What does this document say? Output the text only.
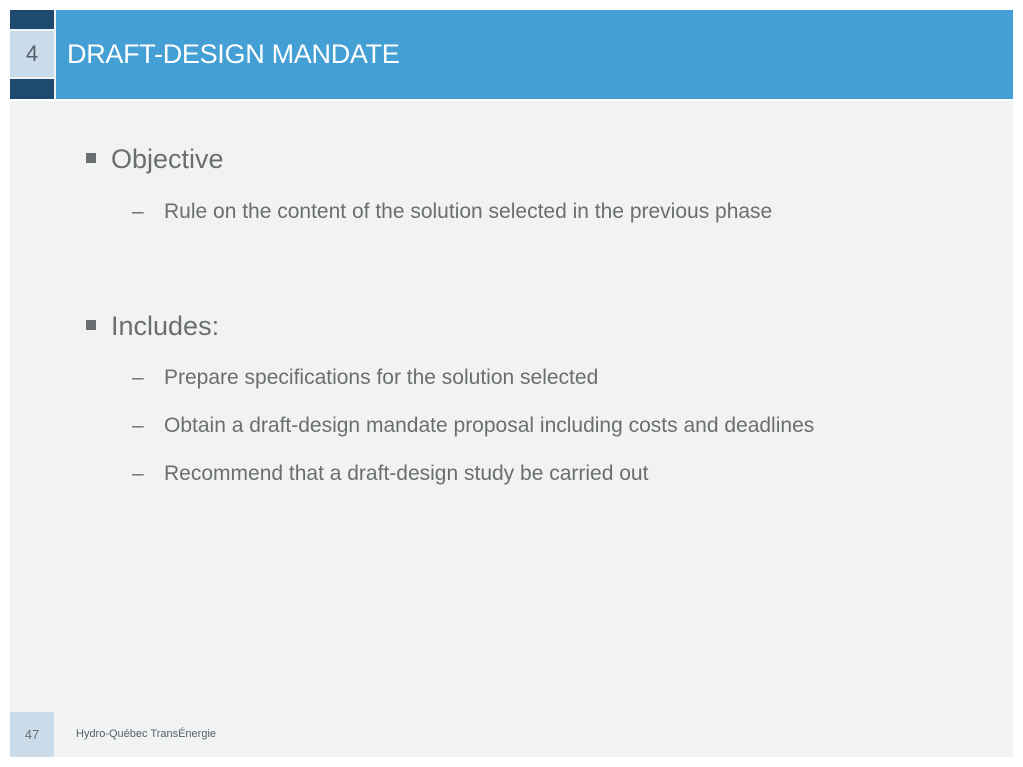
4	DRAFT-DESIGN MANDATE
Objective
– Rule on the content of the solution selected in the previous phase
Includes:
– Prepare specifications for the solution selected
– Obtain a draft-design mandate proposal including costs and deadlines
– Recommend that a draft-design study be carried out
47	Hydro-Québec TransÉnergie
